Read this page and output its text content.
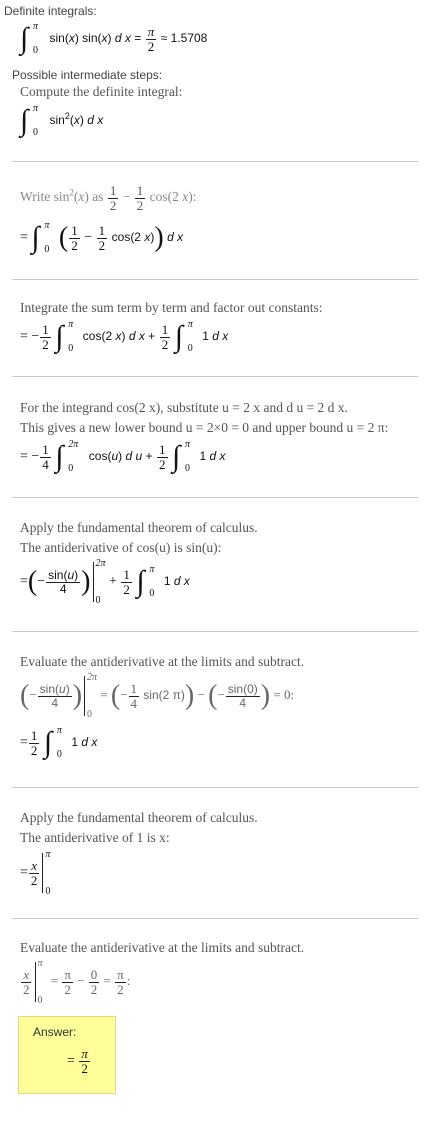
Definite integrals:
∫ π
0
sin(x) sin(x) d $x = \frac{\pi}{2} \approx 1.5708$
Possible intermediate steps:
Compute the definite integral:
∫ π
0
$\sin^2(x)$ d x
Write $\sin^2(x)$ as $\frac{1}{2} - \frac{1}{2} \cos(2$ x):
= ∫ π
0 ( $\frac{1}{2} - \frac{1}{2} \cos(2$ x)) d x
Integrate the sum term by term and factor out constants:
= − $\frac{1}{2}$ ∫ π
0
cos(2 x) d $x + \frac{1}{2}$ ∫ π
0
1 d x
For the integrand cos(2 x), substitute u = 2 x and d u = 2 d x.
This gives a new lower bound u = 2×0 = 0 and upper bound u = 2 π:
= − $\frac{1}{4}$ ∫ 2π
0
cos(u) d $u + \frac{1}{2}$ ∫ π
0
1 d x
Apply the fundamental theorem of calculus.
The antiderivative of cos(u) is sin(u):
=(− $\frac{\sin(u)}{4}$ )
2π
0
+ $\frac{1}{2}$ ∫ π
0
1 d x
Evaluate the antiderivative at the limits and subtract.
(− $\frac{\sin(u)}{4}$ )
2π
0
= (− $\frac{1}{4} \sin(2$ π)) − (− $\frac{\sin(0)}{4}$ ) = 0:
= $\frac{1}{2}$ ∫ π
0
1 d x
Apply the fundamental theorem of calculus.
The antiderivative of 1 is x:
= $\frac{x}{2}$
π
0
Evaluate the antiderivative at the limits and subtract.
$\frac{x}{2}$
π
0
= $\frac{\pi}{2} - \frac{0}{2} = \frac{\pi}{2}$ :
Answer:
= $\frac{\pi}{2}$
